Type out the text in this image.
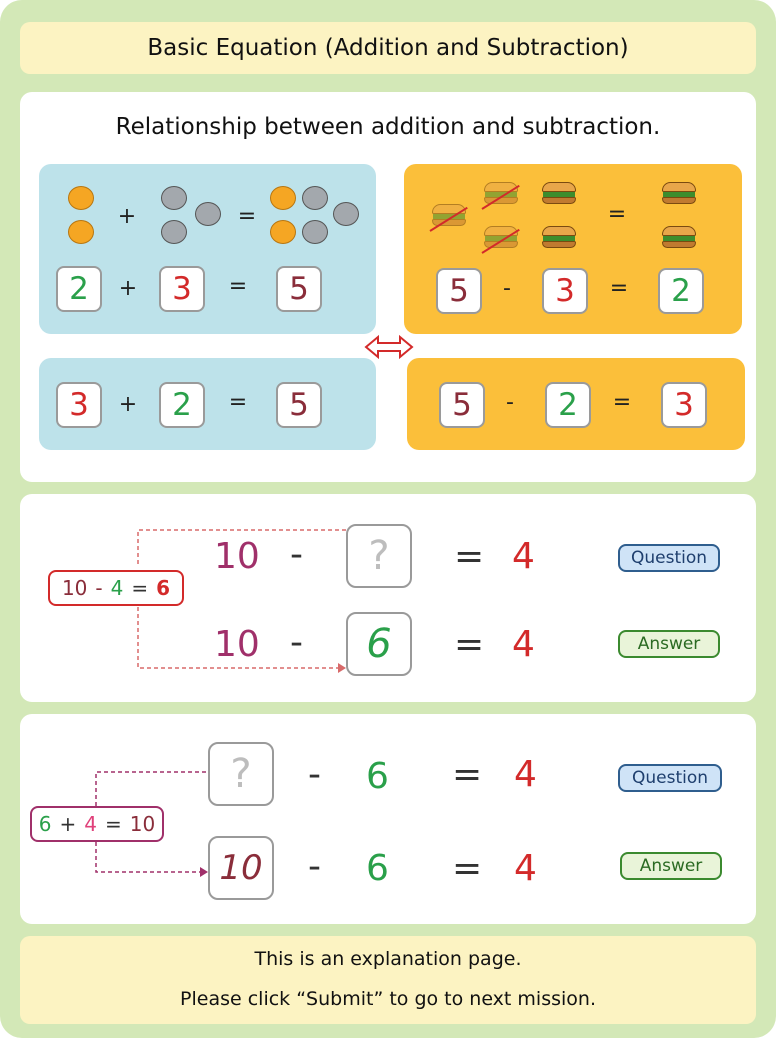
Basic Equation (Addition and Subtraction)
Relationship between addition and subtraction.
+	=
2	+	3	=	5
=
5	-	3	=	2
3	+	2	=	5	5	-	2	=	3
10 - 4 = 6
10 - ? = 4	Question
10 -	6	= 4	Answer
6 + 4 = 10
? - 6 = 4	Question
10	- 6 = 4	Answer
This is an explanation page.
Please click “Submit” to go to next mission.
